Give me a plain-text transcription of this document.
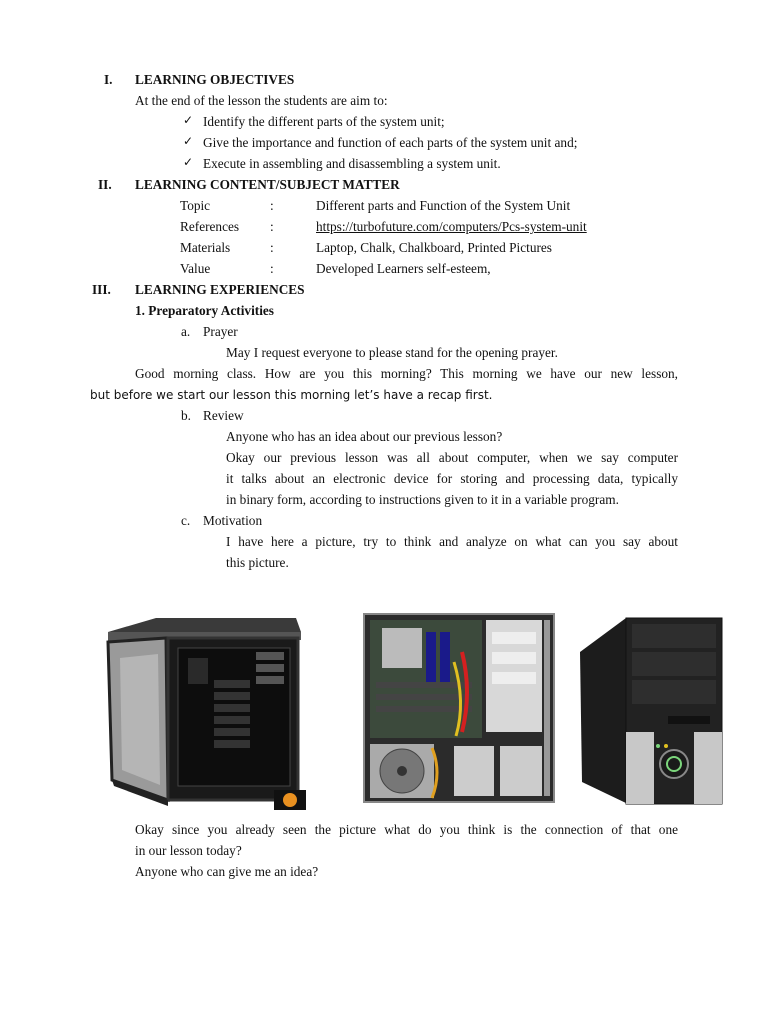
I. LEARNING OBJECTIVES
At the end of the lesson the students are aim to:
✓ Identify the different parts of the system unit;
✓ Give the importance and function of each parts of the system unit and;
✓ Execute in assembling and disassembling a system unit.
II. LEARNING CONTENT/SUBJECT MATTER
Topic	:	Different parts and Function of the System Unit
References :	https://turbofuture.com/computers/Pcs-system-unit
Materials	:	Laptop, Chalk, Chalkboard, Printed Pictures
Value	:	Developed Learners self-esteem,
III. LEARNING EXPERIENCES
1. Preparatory Activities
a. Prayer
May I request everyone to please stand for the opening prayer.
Good morning class. How are you this morning? This morning we have our new lesson,
but before we start our lesson this morning let’s have a recap first.
b. Review
Anyone who has an idea about our previous lesson?
Okay our previous lesson was all about computer, when we say computer
it talks about an electronic device for storing and processing data, typically
in binary form, according to instructions given to it in a variable program.
c. Motivation
I have here a picture, try to think and analyze on what can you say about
this picture.
Okay since you already seen the picture what do you think is the connection of that one
in our lesson today?
Anyone who can give me an idea?
